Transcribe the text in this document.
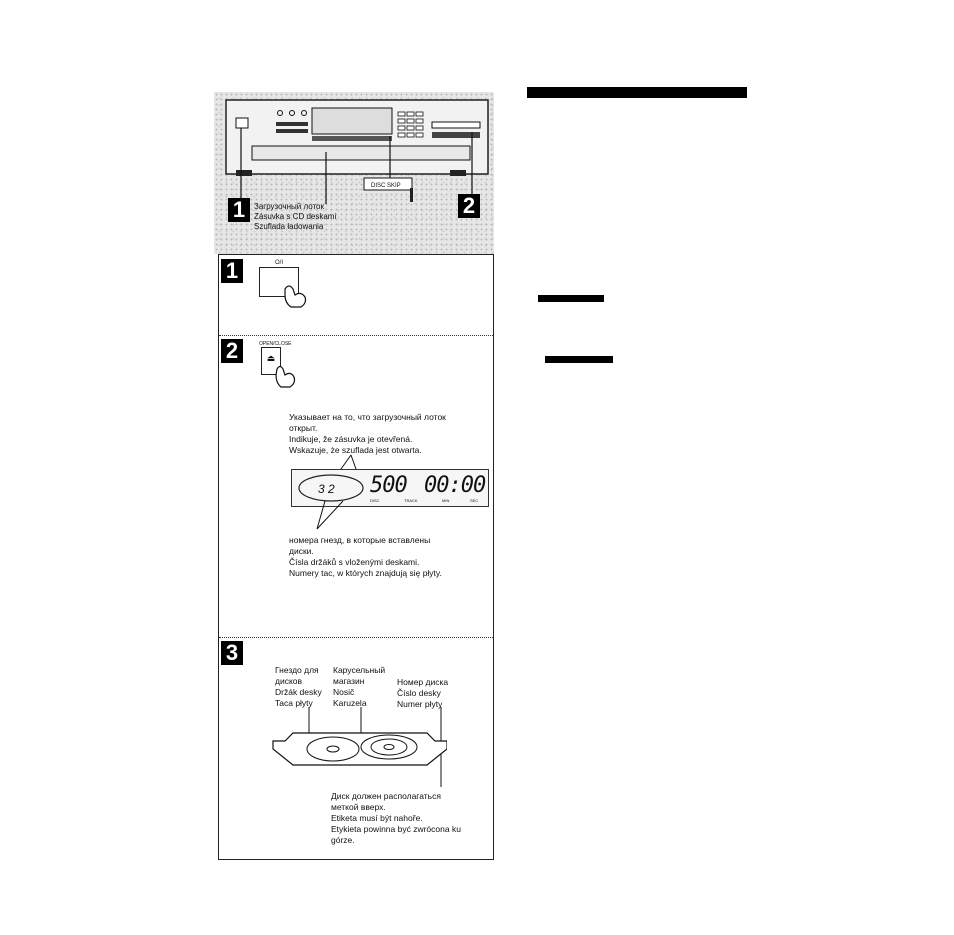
1	2
DISC SKIP
Загрузочный лоток
Zásuvka s CD deskami
Szuflada ładowania
1	O/I
2	OPEN/CLOSE
⏏
Указывает на то, что загрузочный лоток
открыт.
Indikuje, že zásuvka je otevřená.
Wskazuje, że szuflada jest otwarta.
3 2 500 00:00
DISC	TRACK	MIN	SEC
номера гнезд, в которые вставлены
диски.
Čísla držáků s vloženými deskami.
Numery tac, w których znajdują się płyty.
3
Гнездо для
дисков
Držák desky
Taca płyty
Карусельный
магазин
Nosič
Karuzela
Номер диска
Číslo desky
Numer płyty
Диск должен располагаться
меткой вверх.
Etiketa musí být nahoře.
Etykieta powinna być zwrócona ku
górze.
